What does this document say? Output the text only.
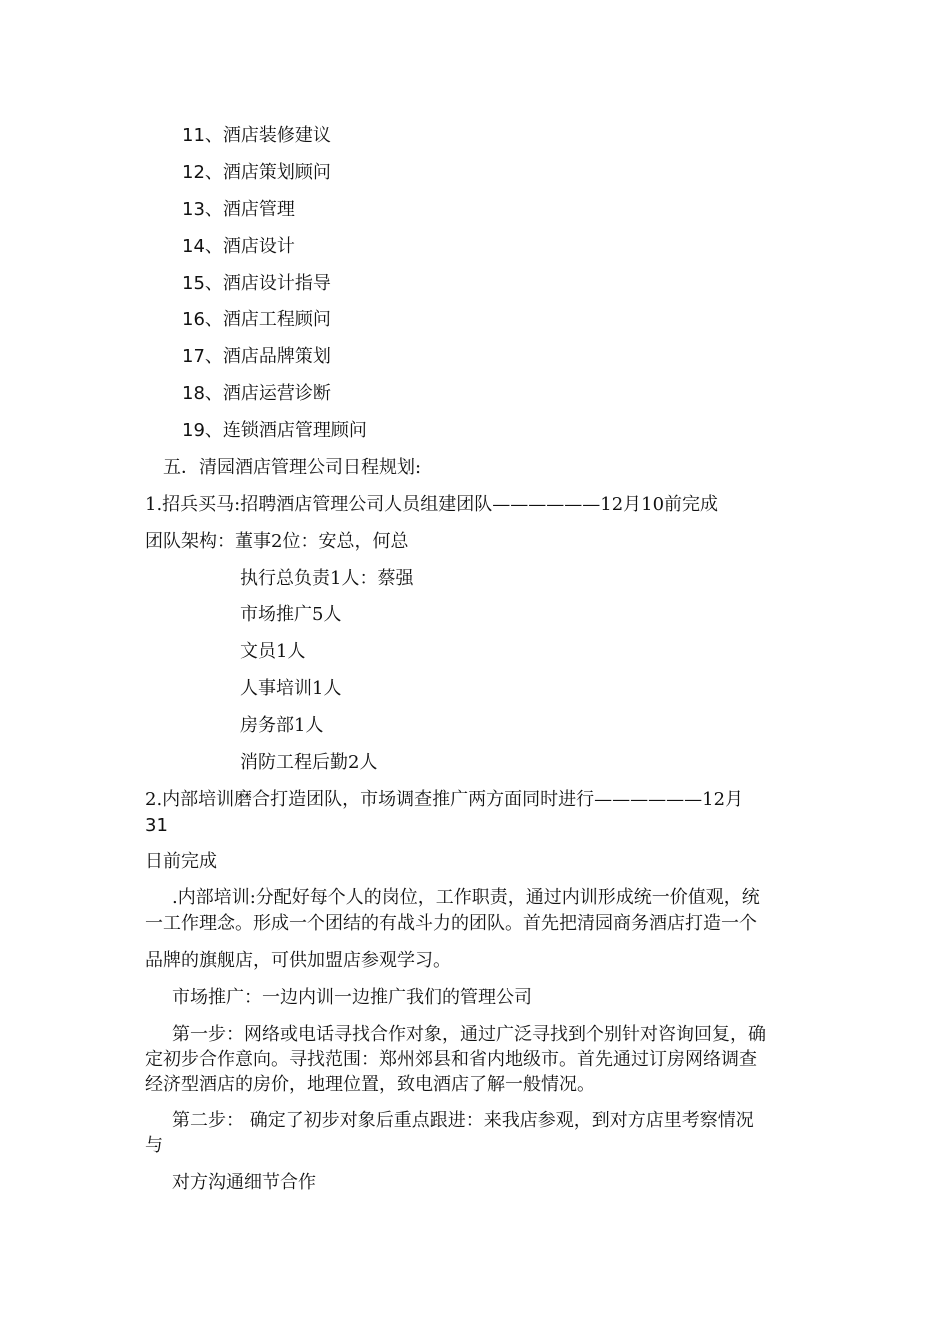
11、酒店装修建议
12、酒店策划顾问
13、酒店管理
14、酒店设计
15、酒店设计指导
16、酒店工程顾问
17、酒店品牌策划
18、酒店运营诊断
19、连锁酒店管理顾问
五．清园酒店管理公司日程规划:
1.招兵买马:招聘酒店管理公司人员组建团队——————12月10前完成
团队架构：董事2位：安总，何总
执行总负责1人：蔡强
市场推广5人
文员1人
人事培训1人
房务部1人
消防工程后勤2人
2.内部培训磨合打造团队，市场调查推广两方面同时进行——————12月
31
日前完成
.内部培训:分配好每个人的岗位，工作职责，通过内训形成统一价值观，统
一工作理念。形成一个团结的有战斗力的团队。首先把清园商务酒店打造一个
品牌的旗舰店，可供加盟店参观学习。
市场推广：一边内训一边推广我们的管理公司
第一步：网络或电话寻找合作对象，通过广泛寻找到个别针对咨询回复，确
定初步合作意向。寻找范围：郑州郊县和省内地级市。首先通过订房网络调查
经济型酒店的房价，地理位置，致电酒店了解一般情况。
第二步： 确定了初步对象后重点跟进：来我店参观，到对方店里考察情况
与
对方沟通细节合作
